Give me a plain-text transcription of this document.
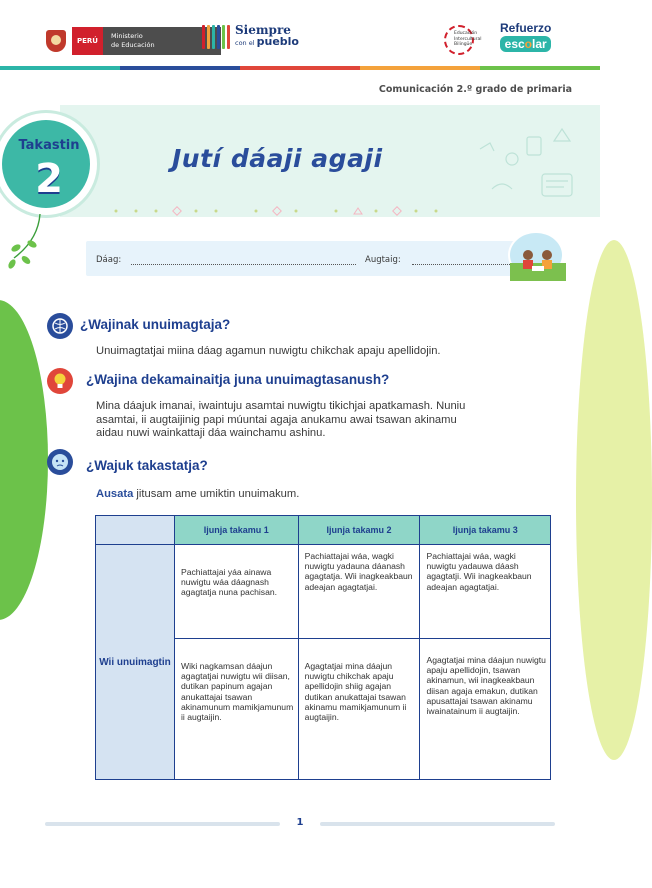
PERÚ
Ministerio
de Educación
Siempre
con el pueblo
Educación Intercultural Bilingüe
Refuerzo
escolar
Comunicación 2.º grado de primaria
Awajun
Takastin
2	Jutí dáaji agaji
Dáag:	Augtaig:
¿Wajinak unuimagtaja?
Unuimagtatjai miina dáag agamun nuwigtu chikchak apaju apellidojin.
¿Wajina dekamainaitja juna unuimagtasanush?
Mina dáajuk imanai, iwaintuju asamtai nuwigtu tikichjai apatkamash. Nuniu
asamtai, ii augtaijinig papi múuntai agaja anukamu awai tsawan akinamu
aidau nuwi wainkattaji dáa wainchamu ashinu.
¿Wajuk takastatja?
Ausata jitusam ame umiktin unuimakum.
	Ijunja takamu 1	Ijunja takamu 2	Ijunja takamu 3
Wii unuimagtin	Pachiattajai yáa ainawa nuwigtu wáa dáagnash agagtatja nuna pachisan.	Pachiattajai wáa, wagki nuwigtu yadauna dáanash agagtatja. Wii inagkeakbaun adeajan agagtatjai.	Pachiattajai wáa, wagki nuwigtu yadauwa dáash agagtatji. Wii inagkeakbaun adeajan agagtatjai.
	Wiki nagkamsan dáajun agagtatjai nuwigtu wii diisan, dutikan papinum agajan anukattajai tsawan akinamunum mamikjamunum ii augtaijin.	Agagtatjai mina dáajun nuwigtu chikchak apaju apellidojin shiig agajan dutikan anukattajai tsawan akinamu mamikjamunum ii augtaijin.	Agagtatjai mina dáajun nuwigtu apaju apellidojin, tsawan akinamun, wii inagkeakbaun diisan agaja emakun, dutikan apusattajai tsawan akinamu iwainatainum ii augtaijin.
1
